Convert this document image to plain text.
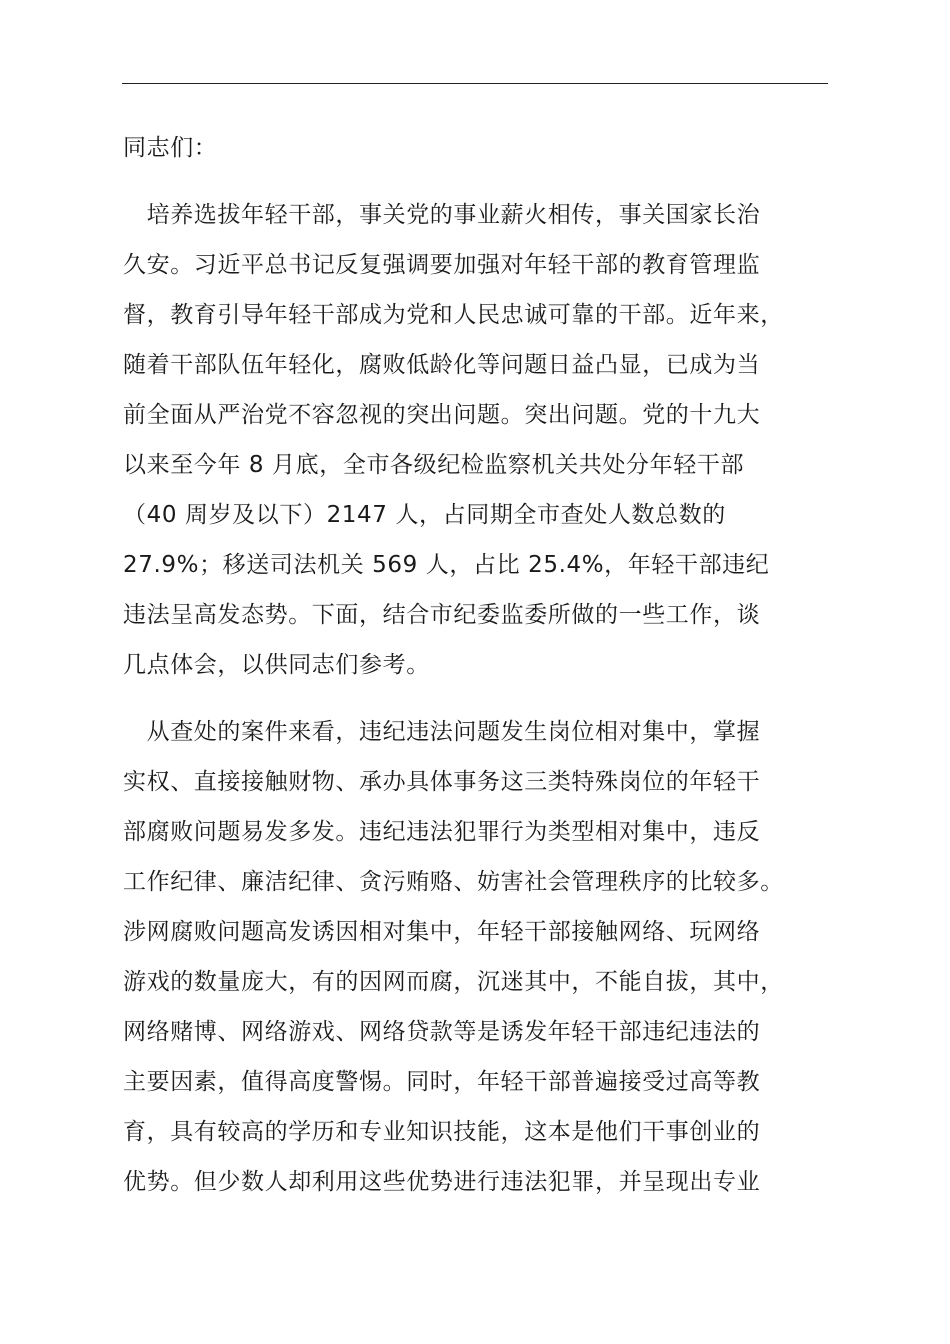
同志们：
　培养选拔年轻干部，事关党的事业薪火相传，事关国家长治
久安。习近平总书记反复强调要加强对年轻干部的教育管理监
督，教育引导年轻干部成为党和人民忠诚可靠的干部。近年来，
随着干部队伍年轻化，腐败低龄化等问题日益凸显，已成为当
前全面从严治党不容忽视的突出问题。突出问题。党的十九大
以来至今年 8 月底，全市各级纪检监察机关共处分年轻干部
（40 周岁及以下）2147 人，占同期全市查处人数总数的
27.9%；移送司法机关 569 人，占比 25.4%，年轻干部违纪
违法呈高发态势。下面，结合市纪委监委所做的一些工作，谈
几点体会，以供同志们参考。
　从查处的案件来看，违纪违法问题发生岗位相对集中，掌握
实权、直接接触财物、承办具体事务这三类特殊岗位的年轻干
部腐败问题易发多发。违纪违法犯罪行为类型相对集中，违反
工作纪律、廉洁纪律、贪污贿赂、妨害社会管理秩序的比较多。
涉网腐败问题高发诱因相对集中，年轻干部接触网络、玩网络
游戏的数量庞大，有的因网而腐，沉迷其中，不能自拔，其中，
网络赌博、网络游戏、网络贷款等是诱发年轻干部违纪违法的
主要因素，值得高度警惕。同时，年轻干部普遍接受过高等教
育，具有较高的学历和专业知识技能，这本是他们干事创业的
优势。但少数人却利用这些优势进行违法犯罪，并呈现出专业
